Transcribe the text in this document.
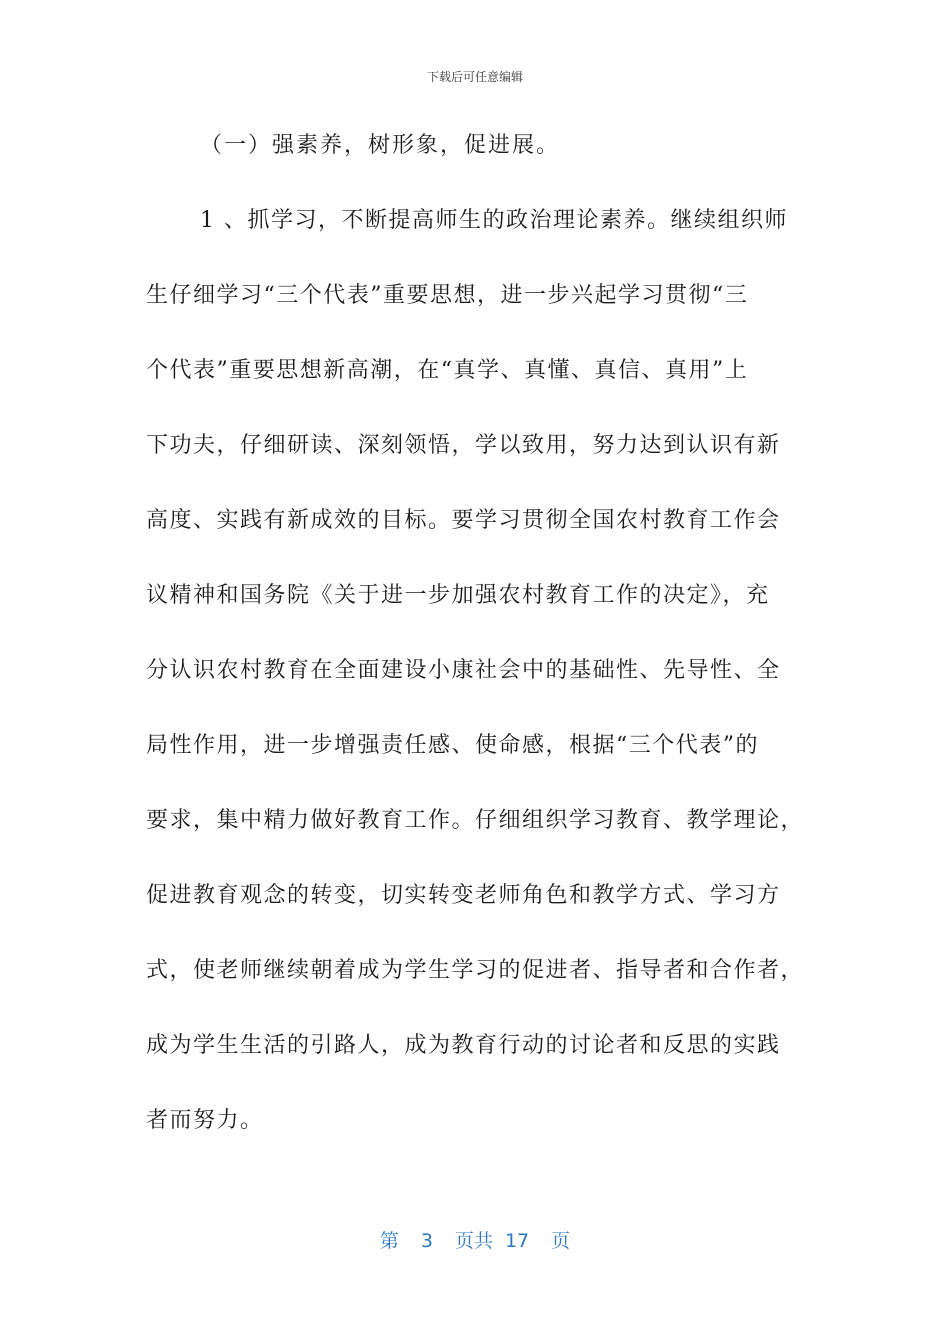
下载后可任意编辑
（一）强素养，树形象，促进展。
1 、抓学习，不断提高师生的政治理论素养。继续组织师
生仔细学习“三个代表”重要思想，进一步兴起学习贯彻“三
个代表”重要思想新高潮，在“真学、真懂、真信、真用”上
下功夫，仔细研读、深刻领悟，学以致用，努力达到认识有新
高度、实践有新成效的目标。要学习贯彻全国农村教育工作会
议精神和国务院《关于进一步加强农村教育工作的决定》，充
分认识农村教育在全面建设小康社会中的基础性、先导性、全
局性作用，进一步增强责任感、使命感，根据“三个代表”的
要求，集中精力做好教育工作。仔细组织学习教育、教学理论，
促进教育观念的转变，切实转变老师角色和教学方式、学习方
式，使老师继续朝着成为学生学习的促进者、指导者和合作者，
成为学生生活的引路人，成为教育行动的讨论者和反思的实践
者而努力。
第 3 页共 17 页
